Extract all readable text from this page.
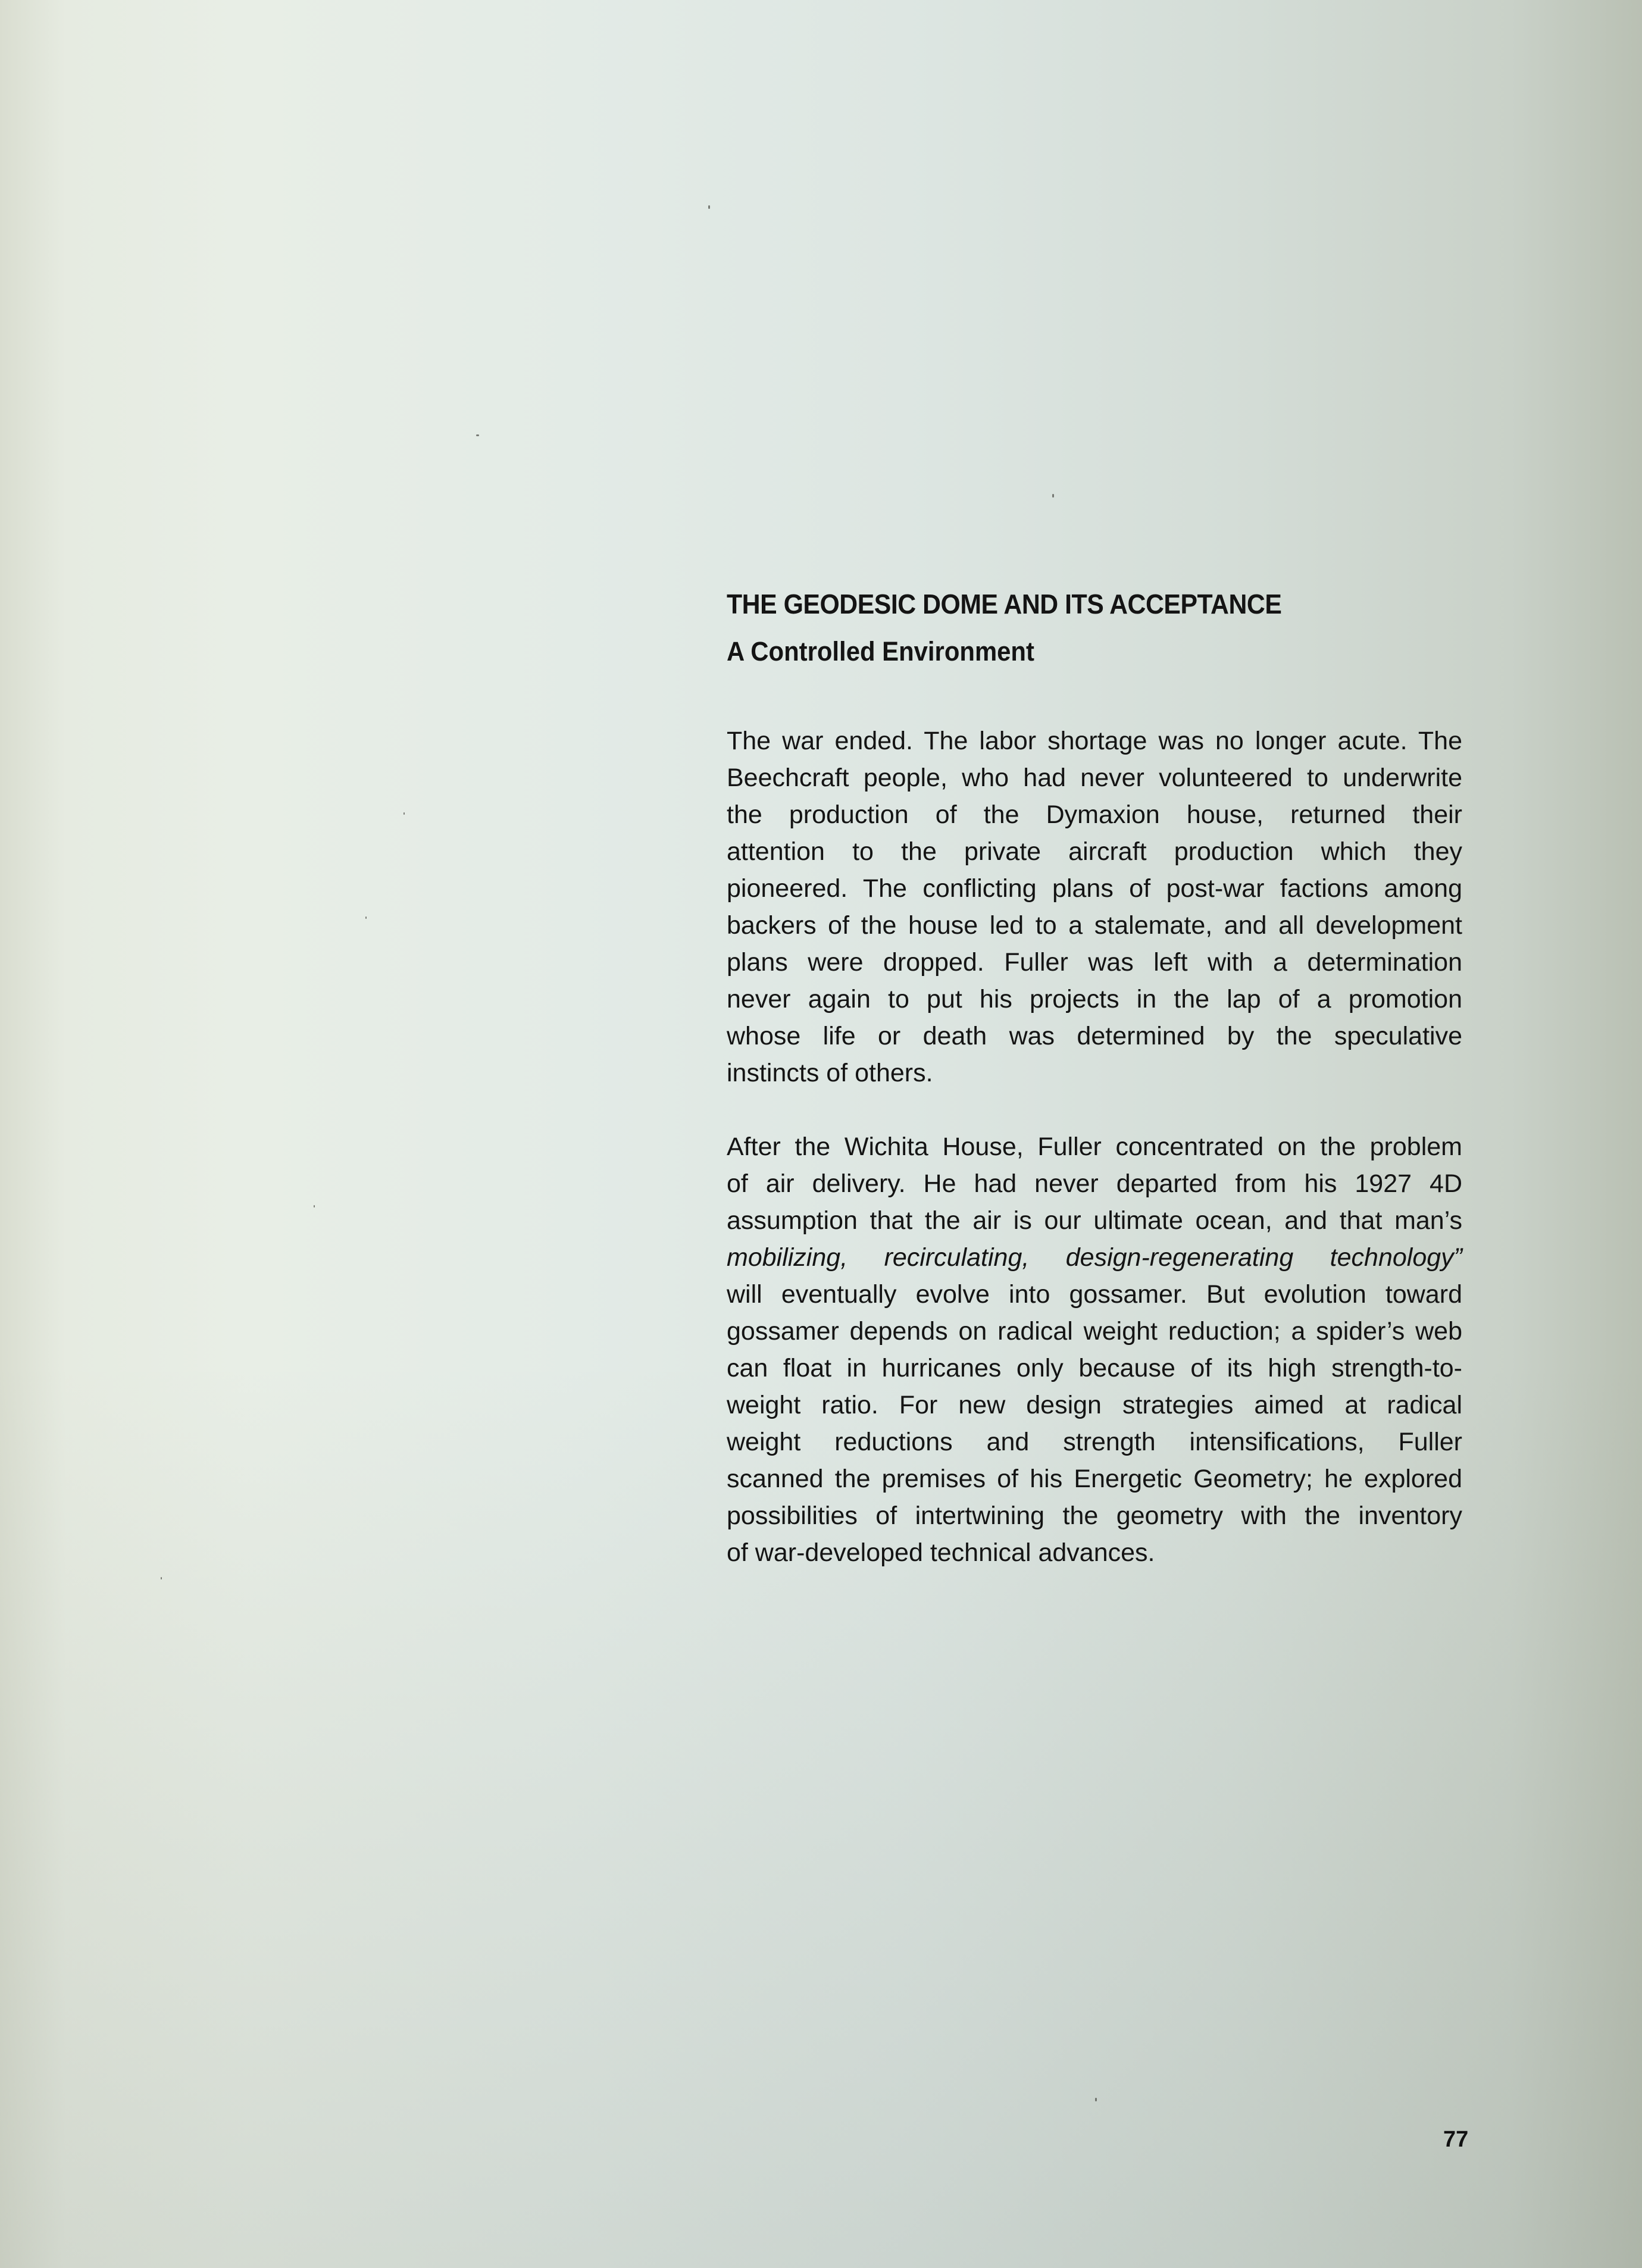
THE GEODESIC DOME AND ITS ACCEPTANCE
A Controlled Environment
The war ended. The labor shortage was no longer acute. The
Beechcraft people, who had never volunteered to underwrite
the production of the Dymaxion house, returned their
attention to the private aircraft production which they
pioneered. The conflicting plans of post-war factions among
backers of the house led to a stalemate, and all development
plans were dropped. Fuller was left with a determination
never again to put his projects in the lap of a promotion
whose life or death was determined by the speculative
instincts of others.
After the Wichita House, Fuller concentrated on the problem
of air delivery. He had never departed from his 1927 4D
assumption that the air is our ultimate ocean, and that man’s
mobilizing, recirculating, design-regenerating technology”
will eventually evolve into gossamer. But evolution toward
gossamer depends on radical weight reduction; a spider’s web
can float in hurricanes only because of its high strength-to-
weight ratio. For new design strategies aimed at radical
weight reductions and strength intensifications, Fuller
scanned the premises of his Energetic Geometry; he explored
possibilities of intertwining the geometry with the inventory
of war-developed technical advances.
77
